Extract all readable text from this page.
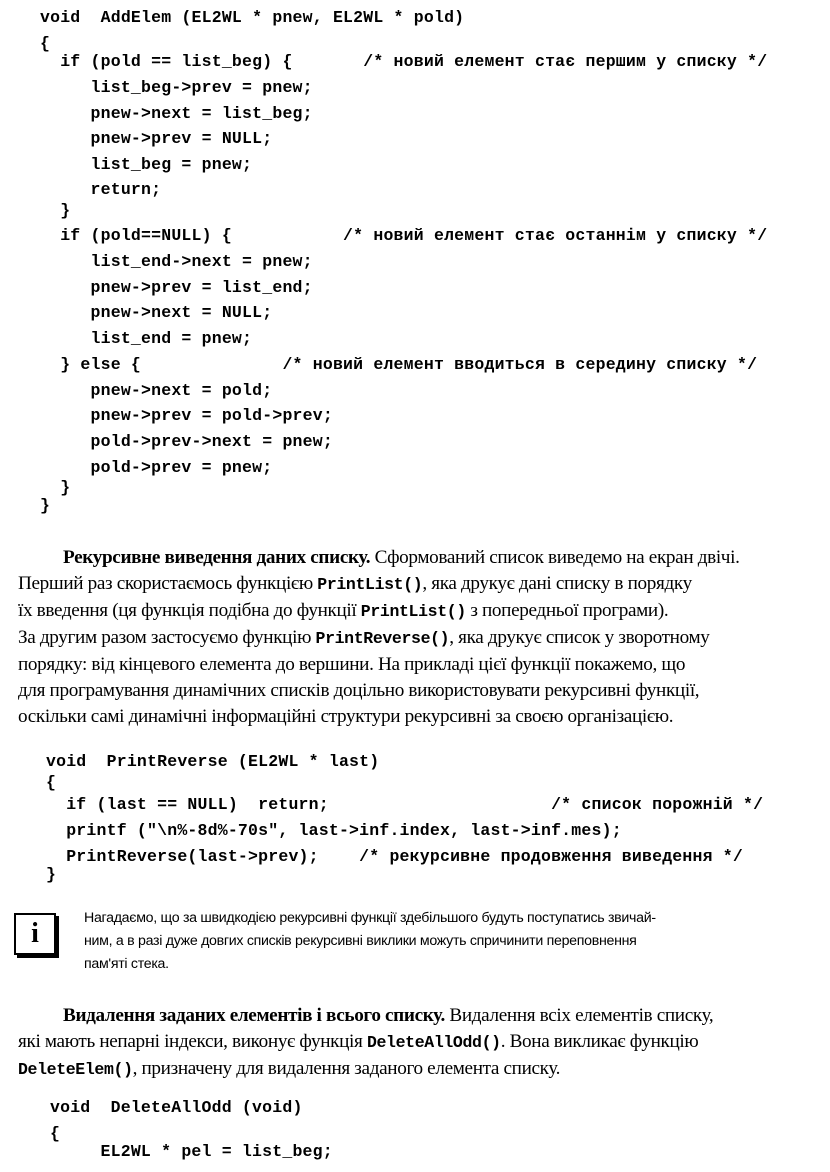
void  AddElem (EL2WL * pnew, EL2WL * pold)
{
if (pold == list_beg) {       /* новий елемент стає першим у списку */
list_beg->prev = pnew;
pnew->next = list_beg;
pnew->prev = NULL;
list_beg = pnew;
return;
}
if (pold==NULL) {           /* новий елемент стає останнім у списку */
list_end->next = pnew;
pnew->prev = list_end;
pnew->next = NULL;
list_end = pnew;
} else {              /* новий елемент вводиться в середину списку */
pnew->next = pold;
pnew->prev = pold->prev;
pold->prev->next = pnew;
pold->prev = pnew;
}
}
Рекурсивне виведення даних списку. Сформований список виведемо на екран двічі.
Перший раз скористаємось функцією PrintList(), яка друкує дані списку в порядку
їх введення (ця функція подібна до функції PrintList() з попередньої програми).
За другим разом застосуємо функцію PrintReverse(), яка друкує список у зворотному
порядку: від кінцевого елемента до вершини. На прикладі цієї функції покажемо, що
для програмування динамічних списків доцільно використовувати рекурсивні функції,
оскільки самі динамічні інформаційні структури рекурсивні за своєю організацією.
void  PrintReverse (EL2WL * last)
{
if (last == NULL)  return;                      /* список порожній */
printf ("\n%-8d%-70s", last->inf.index, last->inf.mes);
PrintReverse(last->prev);    /* рекурсивне продовження виведення */
}
i	Нагадаємо, що за швидкодією рекурсивні функції здебільшого будуть поступатись звичай-
ним, а в разі дуже довгих списків рекурсивні виклики можуть спричинити переповнення
пам'яті стека.
Видалення заданих елементів і всього списку. Видалення всіх елементів списку,
які мають непарні індекси, виконує функція DeleteAllOdd(). Вона викликає функцію
DeleteElem(), призначену для видалення заданого елемента списку.
void  DeleteAllOdd (void)
{
EL2WL * pel = list_beg;
